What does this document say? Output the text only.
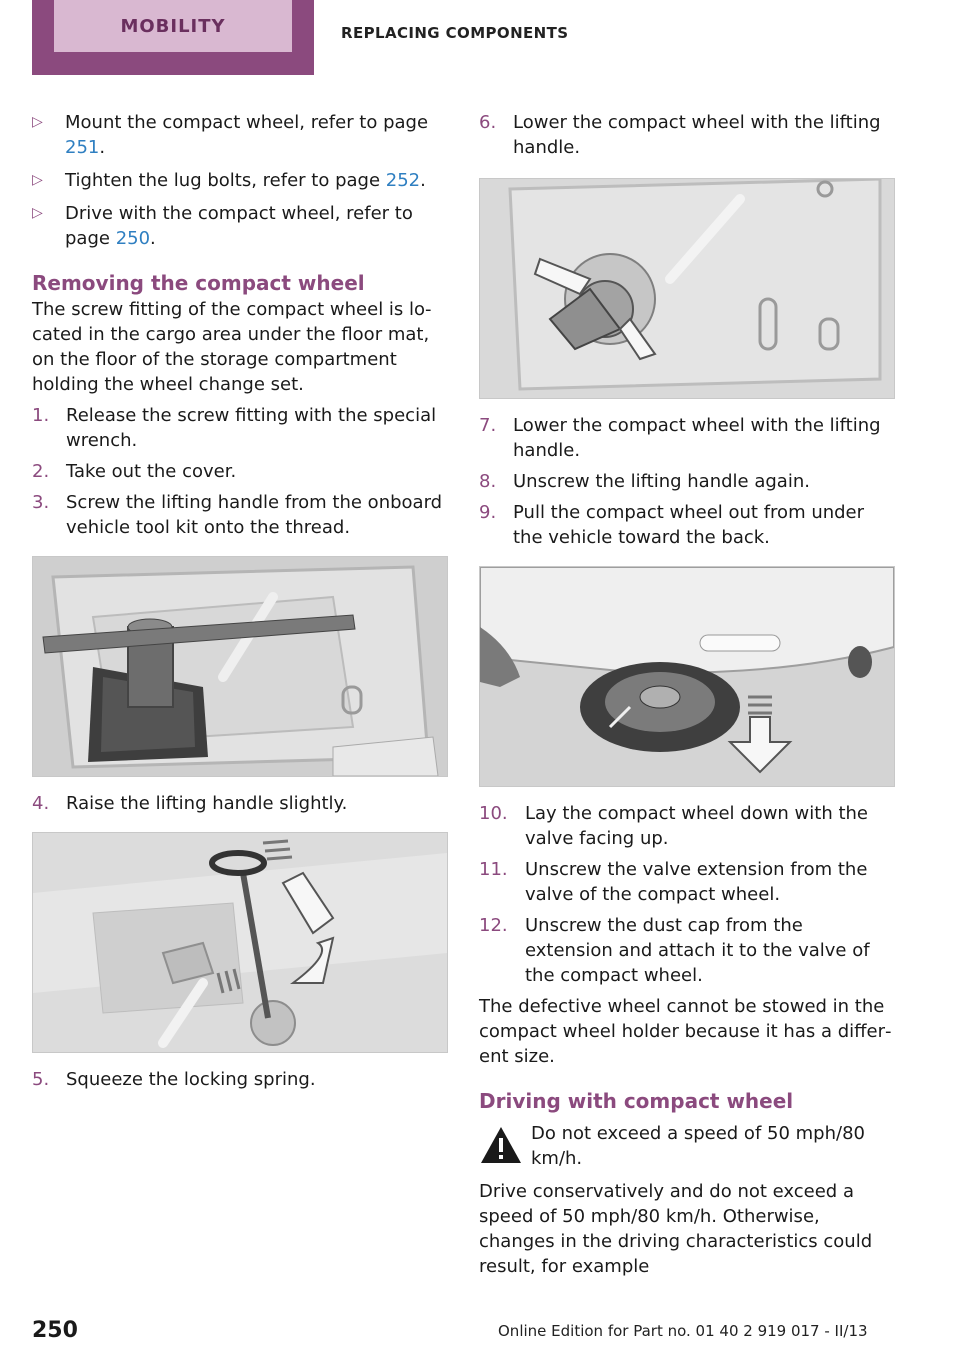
MOBILITY	REPLACING COMPONENTS
▷	Mount the compact wheel, refer to page 251.
▷	Tighten the lug bolts, refer to page 252.
▷	Drive with the compact wheel, refer to page 250.
Removing the compact wheel
The screw fitting of the compact wheel is lo‐cated in the cargo area under the floor mat, on the floor of the storage compartment holding the wheel change set.
1. Release the screw fitting with the special wrench.
2. Take out the cover.
3. Screw the lifting handle from the onboard vehicle tool kit onto the thread.
4. Raise the lifting handle slightly.
5. Squeeze the locking spring.
6. Lower the compact wheel with the lifting handle.
7. Lower the compact wheel with the lifting handle.
8. Unscrew the lifting handle again.
9. Pull the compact wheel out from under the vehicle toward the back.
10. Lay the compact wheel down with the valve facing up.
11. Unscrew the valve extension from the valve of the compact wheel.
12. Unscrew the dust cap from the extension and attach it to the valve of the compact wheel.
The defective wheel cannot be stowed in the compact wheel holder because it has a differ‐ent size.
Driving with compact wheel
Do not exceed a speed of 50 mph/80 km/h.
Drive conservatively and do not exceed a speed of 50 mph/80 km/h. Otherwise, changes in the driving characteristics could result, for example
250	Online Edition for Part no. 01 40 2 919 017 - II/13
